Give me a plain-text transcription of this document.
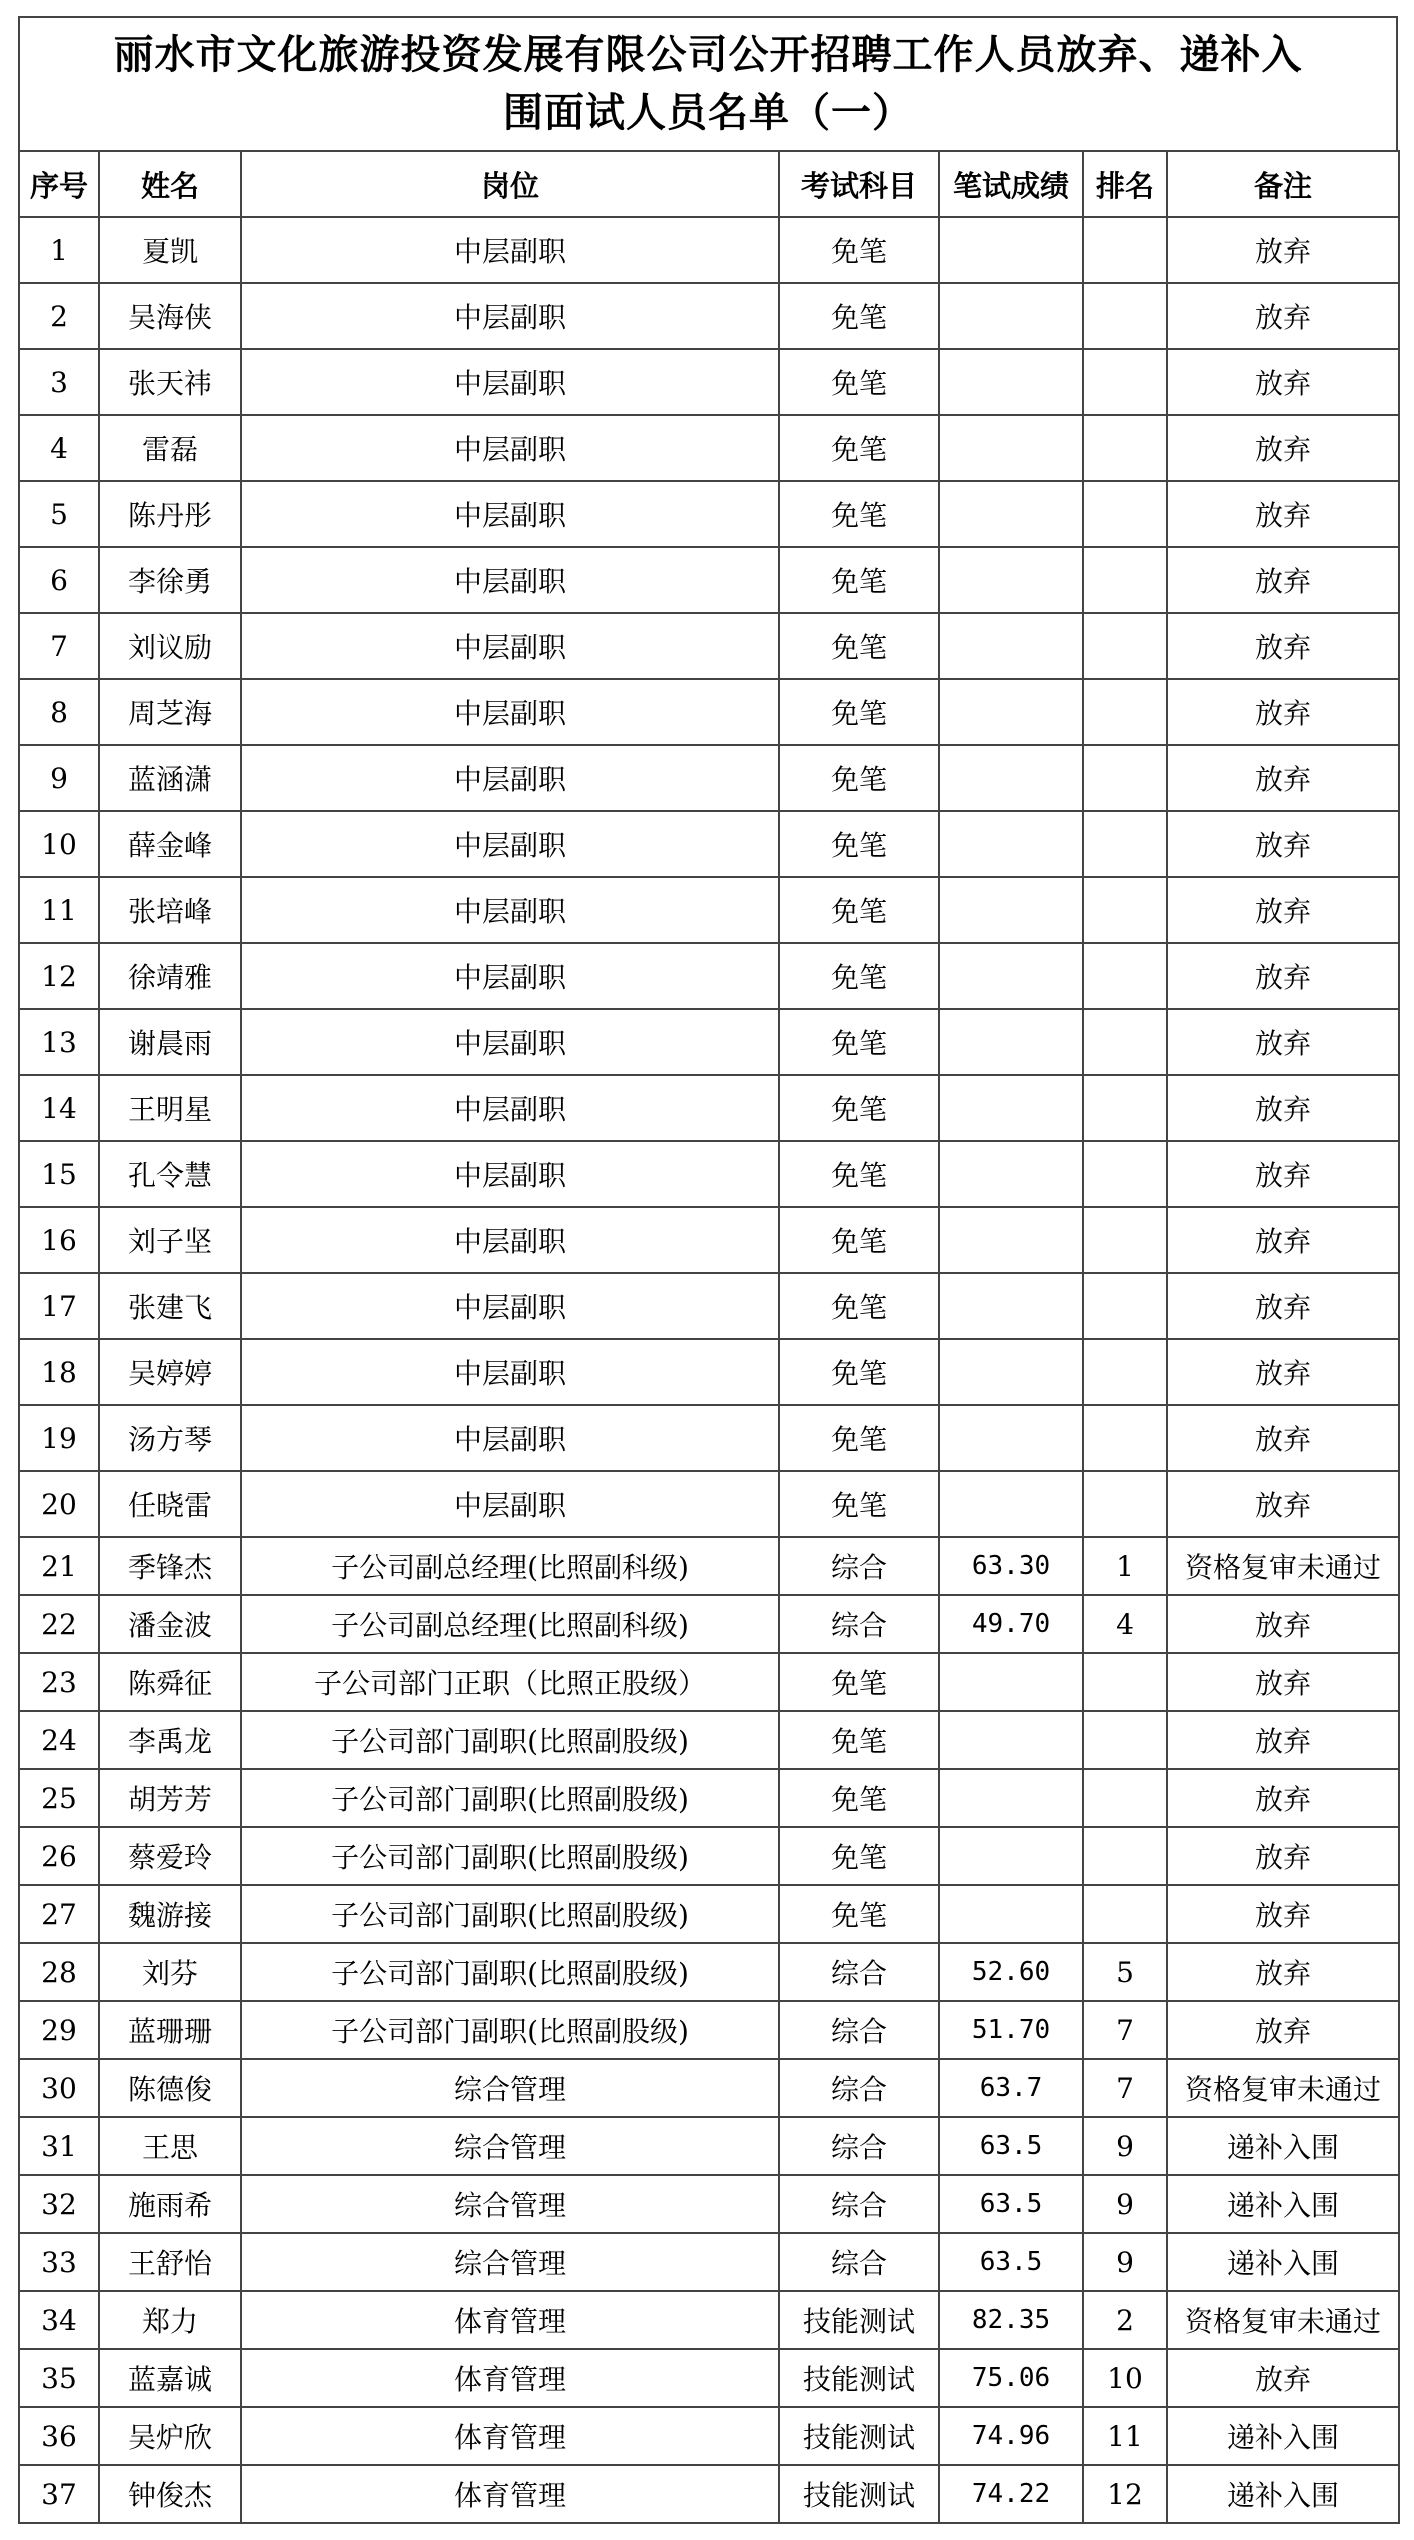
丽水市文化旅游投资发展有限公司公开招聘工作人员放弃、递补入
围面试人员名单（一）
序号	姓名	岗位	考试科目	笔试成绩	排名	备注
1	夏凯	中层副职	免笔			放弃
2	吴海侠	中层副职	免笔			放弃
3	张天祎	中层副职	免笔			放弃
4	雷磊	中层副职	免笔			放弃
5	陈丹彤	中层副职	免笔			放弃
6	李徐勇	中层副职	免笔			放弃
7	刘议励	中层副职	免笔			放弃
8	周芝海	中层副职	免笔			放弃
9	蓝涵潇	中层副职	免笔			放弃
10	薛金峰	中层副职	免笔			放弃
11	张培峰	中层副职	免笔			放弃
12	徐靖雅	中层副职	免笔			放弃
13	谢晨雨	中层副职	免笔			放弃
14	王明星	中层副职	免笔			放弃
15	孔令慧	中层副职	免笔			放弃
16	刘子坚	中层副职	免笔			放弃
17	张建飞	中层副职	免笔			放弃
18	吴婷婷	中层副职	免笔			放弃
19	汤方琴	中层副职	免笔			放弃
20	任晓雷	中层副职	免笔			放弃
21	季锋杰	子公司副总经理(比照副科级)	综合	63.30	1	资格复审未通过
22	潘金波	子公司副总经理(比照副科级)	综合	49.70	4	放弃
23	陈舜征	子公司部门正职（比照正股级）	免笔			放弃
24	李禹龙	子公司部门副职(比照副股级)	免笔			放弃
25	胡芳芳	子公司部门副职(比照副股级)	免笔			放弃
26	蔡爱玲	子公司部门副职(比照副股级)	免笔			放弃
27	魏游接	子公司部门副职(比照副股级)	免笔			放弃
28	刘芬	子公司部门副职(比照副股级)	综合	52.60	5	放弃
29	蓝珊珊	子公司部门副职(比照副股级)	综合	51.70	7	放弃
30	陈德俊	综合管理	综合	63.7	7	资格复审未通过
31	王思	综合管理	综合	63.5	9	递补入围
32	施雨希	综合管理	综合	63.5	9	递补入围
33	王舒怡	综合管理	综合	63.5	9	递补入围
34	郑力	体育管理	技能测试	82.35	2	资格复审未通过
35	蓝嘉诚	体育管理	技能测试	75.06	10	放弃
36	吴炉欣	体育管理	技能测试	74.96	11	递补入围
37	钟俊杰	体育管理	技能测试	74.22	12	递补入围
